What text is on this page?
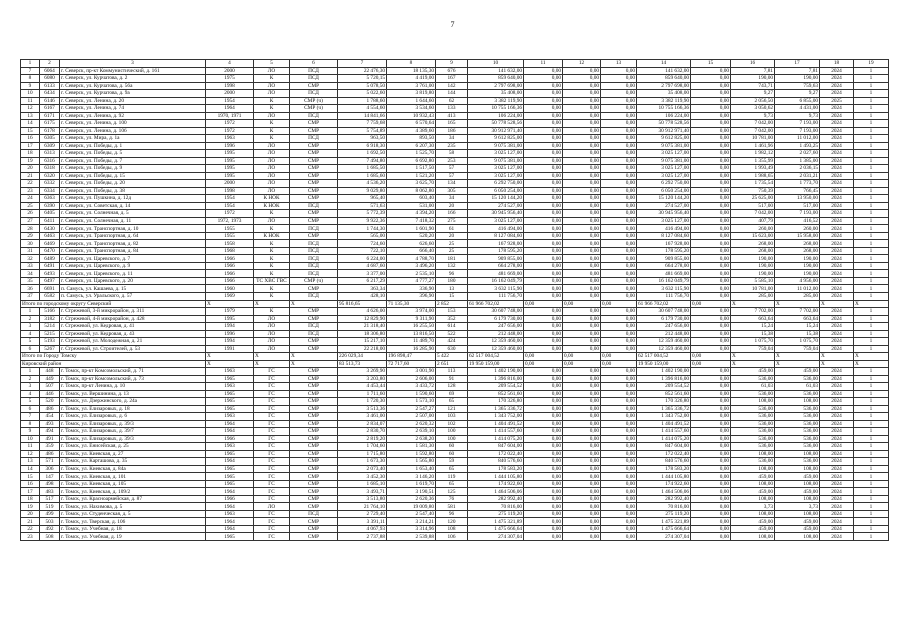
7
1	2	3	4	5	6	7	8	9	10	11	12	13	14	15	16	17	18	19
7	6064	г. Северск, пр-кт Коммунистический, д. 161	2000	ЛО	ПСД	22 476,30	18 135,30	676	141 632,00	0,00	0,00	0,00	141 632,00	0,00	7,81	7,81	2024	1
8	6080	г. Северск, ул. Курчатова, д. 2	1975	К	ПСД	5 720,15	4 419,00	167	859 640,00	0,00	0,00	0,00	859 640,00	0,00	190,00	190,00	2024	1
9	6133	г. Северск, ул. Курчатова, д. 56а	1998	ЛО	СМР	5 078,50	3 761,00	142	2 797 698,00	0,00	0,00	0,00	2 797 698,00	0,00	743,71	759,63	2024	1
10	6434	г. Северск, ул. Курчатова, д. 9а	2000	ЛО	ПСД	5 022,60	3 819,80	144	35 408,00	0,00	0,00	0,00	35 408,00	0,00	9,27	9,27	2024	1
11	6146	г. Северск, ул. Ленина, д. 20	1954	К	СМР (ч)	1 788,60	1 644,60	62	3 382 119,90	0,00	0,00	0,00	3 382 119,90	0,00	2 056,50	6 855,00	2025	1
12	6167	г. Северск, ул. Ленина, д. 74	1964	К	СМР (ч)	4 554,60	3 534,60	133	10 755 166,36	0,00	0,00	0,00	10 755 166,36	0,00	3 050,62	4 431,00	2024	1
13	6171	г. Северск, ул. Ленина, д. 92	1970, 1971	ЛО	ПСД	14 841,66	10 932,43	413	106 224,00	0,00	0,00	0,00	106 224,00	0,00	9,73	9,73	2024	1
14	6175	г. Северск, ул. Ленина, д. 100	1972	К	СМР	7 759,68	6 570,64	165	50 778 528,56	0,00	0,00	0,00	50 778 528,56	0,00	7 042,00	7 193,00	2024	1
15	6178	г. Северск, ул. Ленина, д. 106	1972	К	СМР	5 754,89	4 389,60	186	30 912 971,40	0,00	0,00	0,00	30 912 971,40	0,00	7 042,00	7 193,00	2024	1
16	6305	г. Северск, ул. Мира, д. 1а	1963	К	ПСД	963,50	893,50	34	9 612 825,00	0,00	0,00	0,00	9 612 825,00	0,00	10 781,00	11 012,00	2024	1
17	6309	г. Северск, ул. Победы, д. 1	1996	ЛО	СМР	6 918,30	6 207,30	235	9 075 381,00	0,00	0,00	0,00	9 075 381,00	0,00	1 461,96	1 493,25	2024	1
18	6313	г. Северск, ул. Победы, д. 5	1995	ЛО	СМР	1 692,50	1 525,70	58	3 025 127,00	0,00	0,00	0,00	3 025 127,00	0,00	1 982,12	2 027,60	2024	1
19	6316	г. Северск, ул. Победы, д. 7	1995	ЛО	СМР	7 494,80	6 692,80	253	9 075 381,00	0,00	0,00	0,00	9 075 381,00	0,00	1 355,99	1 385,00	2024	1
20	6318	г. Северск, ул. Победы, д. 9	1995	ЛО	СМР	1 685,50	1 517,50	57	3 025 127,00	0,00	0,00	0,00	3 025 127,00	0,00	1 993,49	2 036,15	2024	1
21	6320	г. Северск, ул. Победы, д. 15	1995	ЛО	СМР	1 685,60	1 521,20	57	3 025 127,00	0,00	0,00	0,00	3 025 127,00	0,00	1 988,65	2 031,21	2024	1
22	6332	г. Северск, ул. Победы, д. 20	2000	ЛО	СМР	4 536,20	3 625,70	134	6 292 750,00	0,00	0,00	0,00	6 292 750,00	0,00	1 735,54	1 773,70	2024	1
23	6334	г. Северск, ул. Победы, д. 38	1998	ЛО	СМР	9 029,80	8 062,80	305	6 050 254,00	0,00	0,00	0,00	6 050 254,00	0,00	750,39	766,45	2024	1
24	6363	г. Северск, ул. Пушкина, д. 12д	1954	К НОК	СМР	965,40	603,40	34	15 120 144,20	0,00	0,00	0,00	15 120 144,20	0,00	25 625,00	13 950,00	2024	1
25	6390	г. Северск, ул. Советская, д. 14	1954	К НОК	ПСД	571,63	531,00	20	274 527,00	0,00	0,00	0,00	274 527,00	0,00	517,00	517,00	2024	1
26	6405	г. Северск, ул. Солнечная, д. 5	1972	К	СМР	5 772,39	4 394,20	166	30 945 956,40	0,00	0,00	0,00	30 945 956,40	0,00	7 042,00	7 193,00	2024	1
27	6411	г. Северск, ул. Солнечная, д. 11	1972, 1973	ЛО	СМР	9 922,36	7 418,32	275	3 025 127,00	0,00	0,00	0,00	3 025 127,00	0,00	407,79	416,52	2024	1
28	6430	г. Северск, ул. Транспортная, д. 10	1955	К	ПСД	1 744,30	1 601,90	61	416 494,00	0,00	0,00	0,00	416 494,00	0,00	260,00	260,00	2024	1
29	6463	г. Северск, ул. Транспортная, д. 64	1955	К НОК	СМР	565,00	520,20	20	8 127 084,60	0,00	0,00	0,00	8 127 084,60	0,00	15 623,00	15 958,00	2024	1
30	6469	г. Северск, ул. Транспортная, д. 82	1958	К	ПСД	724,60	626,60	25	167 928,00	0,00	0,00	0,00	167 928,00	0,00	268,00	268,00	2024	1
31	6470	г. Северск, ул. Транспортная, д. 84	1968	К	ПСД	722,10	666,40	25	178 595,20	0,00	0,00	0,00	178 595,20	0,00	268,00	268,00	2024	1
32	6489	г. Северск, ул. Царевского, д. 7	1966	К	ПСД	6 224,00	4 788,70	181	909 855,00	0,00	0,00	0,00	909 855,00	0,00	190,00	190,00	2024	1
33	6491	г. Северск, ул. Царевского, д. 9	1966	К	ПСД	4 687,60	3 496,20	132	664 278,00	0,00	0,00	0,00	664 278,00	0,00	190,00	190,00	2024	1
34	6493	г. Северск, ул. Царевского, д. 11	1966	К	ПСД	3 377,00	2 535,10	96	481 669,00	0,00	0,00	0,00	481 669,00	0,00	190,00	190,00	2024	1
35	6497	г. Северск, ул. Царевского, д. 20	1966	ТС ХВС ГВС	СМР (ч)	6 217,29	4 777,27	180	16 162 049,79	0,00	0,00	0,00	16 162 049,79	0,00	5 585,10	4 956,00	2024	1
36	6691	п. Самусь, ул. Кашаева, д. 15	1960	К	СМР	363,34	336,90	13	3 632 115,90	0,00	0,00	0,00	3 632 115,90	0,00	10 781,00	11 012,00	2024	1
37	6582	п. Самусь, ул. Уральского, д. 57	1969	К	ПСД	428,10	396,90	15	111 756,70	0,00	0,00	0,00	111 756,70	0,00	285,00	285,00	2024	1
Итого по городскому округу Северский			X	X	X	95 816,65	71 135,30	2 852	61 966 702,02	0,00	0,00	0,00	61 966 702,02	0,00	X	X	X	X
1	5166	г. Стрежевой, 3-й микрорайон, д. 311	1979	К	СМР	4 626,00	3 974,00	153	30 607 748,00	0,00	0,00	0,00	30 607 748,00	0,00	7 702,00	7 702,00	2024	1
2	3182	г. Стрежевой, 4-й микрорайон, д. 428	1995	ЛО	СМР	12 829,90	9 311,90	352	6 179 730,00	0,00	0,00	0,00	6 179 730,00	0,00	663,64	663,64	2024	1
3	5214	г. Стрежевой, ул. Кедровая, д. 41	1994	ЛО	ПСД	21 318,40	16 255,50	614	247 656,00	0,00	0,00	0,00	247 656,00	0,00	15,24	15,24	2024	1
4	5215	г. Стрежевой, ул. Кедровая, д. 43	1996	ЛО	ПСД	18 306,80	13 816,50	522	212 448,00	0,00	0,00	0,00	212 448,00	0,00	15,38	15,38	2024	1
5	5193	г. Стрежевой, ул. Молодежная, д. 21	1994	ЛО	СМР	15 217,10	11 489,70	424	12 359 460,00	0,00	0,00	0,00	12 359 460,00	0,00	1 075,70	1 075,70	2024	1
6	5267	г. Стрежевой, ул. Строителей, д. 53	1991	ЛО	СМР	22 218,00	16 285,90	630	12 359 460,00	0,00	0,00	0,00	12 359 460,00	0,00	759,04	759,04	2024	1
Итого по Городу Томску			X	X	X	226 029,34	196 898,47	5 422	62 517 004,52	0,00	0,00	0,00	62 517 004,52	0,00	X	X	X	X
Кировский район			X	X	X	83 513,73	72 717,60	2 651	19 950 159,00	0,00	0,00	0,00	19 950 159,00	0,00	X	X	X	X
1	448	г. Томск, пр-кт Комсомольский, д. 71	1963	ГС	СМР	3 269,90	3 001,90	113	1 402 190,00	0,00	0,00	0,00	1 402 190,00	0,00	459,00	459,00	2024	1
2	449	г. Томск, пр-кт Комсомольский, д. 73	1965	ГС	СМР	3 203,80	2 606,00	91	1 396 816,00	0,00	0,00	0,00	1 396 816,00	0,00	536,00	536,00	2024	1
3	507	г. Томск, пр-кт Ленина, д. 10	1963	ГС	СМР	4 453,44	3 433,72	128	209 554,52	0,00	0,00	0,00	209 554,52	0,00	61,03	61,03	2024	1
4	446	г. Томск, ул. Вершинина, д. 13	1965	ГС	СМР	1 711,60	1 590,60	69	852 561,60	0,00	0,00	0,00	852 561,60	0,00	536,00	536,00	2024	1
5	520	г. Томск, ул. Дзержинского, д. 24а	1965	ГС	СМР	1 720,30	1 573,10	65	170 326,80	0,00	0,00	0,00	170 326,80	0,00	108,00	108,00	2024	1
6	486	г. Томск, ул. Елизаровых, д. 18	1965	ГС	СМР	3 513,36	2 547,27	121	1 365 336,72	0,00	0,00	0,00	1 365 336,72	0,00	536,00	536,00	2024	1
7	454	г. Томск, ул. Елизаровых, д. 6	1963	ГС	СМР	3 461,00	2 507,00	103	1 343 752,00	0,00	0,00	0,00	1 343 752,00	0,00	536,00	536,00	2024	1
8	493	г. Томск, ул. Елизаровых, д. 39/3	1964	ГС	СМР	2 834,07	2 620,32	102	1 404 491,52	0,00	0,00	0,00	1 404 491,52	0,00	536,00	536,00	2024	1
9	494	г. Томск, ул. Елизаровых, д. 39/7	1964	ГС	СМР	2 830,70	2 639,10	100	1 414 557,60	0,00	0,00	0,00	1 414 557,60	0,00	536,00	536,00	2024	1
10	491	г. Томск, ул. Елизаровых, д. 39/3	1966	ГС	СМР	2 819,20	2 638,20	100	1 414 075,20	0,00	0,00	0,00	1 414 075,20	0,00	536,00	536,00	2024	1
11	359	г. Томск, ул. Енисейская, д. 25	1963	ГС	СМР	1 704,60	1 581,30	60	847 604,00	0,00	0,00	0,00	847 604,00	0,00	536,00	536,00	2024	1
12	486	г. Томск, ул. Киевская, д. 27	1965	ГС	СМР	1 715,80	1 592,80	60	172 022,40	0,00	0,00	0,00	172 022,40	0,00	108,00	108,00	2024	1
13	571	г. Томск, ул. Карташова, д. 35	1964	ГС	СМР	1 673,30	1 565,80	59	840 576,60	0,00	0,00	0,00	840 576,60	0,00	536,00	536,00	2024	1
14	306	г. Томск, ул. Киевская, д. 84а	1965	ГС	СМР	2 073,40	1 653,40	65	178 583,20	0,00	0,00	0,00	178 583,20	0,00	108,00	108,00	2024	1
15	147	г. Томск, ул. Киевская, д. 101	1965	ГС	СМР	3 452,30	3 146,20	119	1 444 105,80	0,00	0,00	0,00	1 444 105,80	0,00	459,00	459,00	2024	1
16	498	г. Томск, ул. Киевская, д. 105	1965	ГС	СМР	1 685,10	1 619,70	65	174 922,60	0,00	0,00	0,00	174 922,60	0,00	108,00	108,00	2024	1
17	483	г. Томск, ул. Киевская, д. 109/2	1964	ГС	СМР	3 493,71	3 190,51	125	1 464 506,06	0,00	0,00	0,00	1 464 506,06	0,00	459,00	459,00	2024	1
18	517	г. Томск, ул. Красноармейская, д. 87	1966	ГС	СМР	3 513,80	2 620,36	76	282 992,40	0,00	0,00	0,00	282 992,40	0,00	108,00	108,00	2024	1
19	519	г. Томск, ул. Нахимова, д. 5	1964	ЛО	СМР	21 764,10	19 009,80	581	70 816,00	0,00	0,00	0,00	70 816,00	0,00	3,73	3,73	2024	1
20	499	г. Томск, ул. Студенческая, д. 5	1963	ГС	ПСД	2 729,40	2 547,40	96	275 119,20	0,00	0,00	0,00	275 119,20	0,00	108,00	108,00	2024	1
21	503	г. Томск, ул. Тверская, д. 106	1964	ГС	СМР	3 391,11	3 214,21	120	1 475 321,89	0,00	0,00	0,00	1 475 321,89	0,00	459,00	459,00	2024	1
22	492	г. Томск, ул. Учебная, д. 18	1964	ГС	СМР	4 067,93	3 314,96	108	1 475 666,64	0,00	0,00	0,00	1 475 666,64	0,00	459,00	459,00	2024	1
23	508	г. Томск, ул. Учебная, д. 19	1965	ГС	СМР	2 737,88	2 539,88	106	274 307,04	0,00	0,00	0,00	274 307,04	0,00	108,00	108,00	2024	1
